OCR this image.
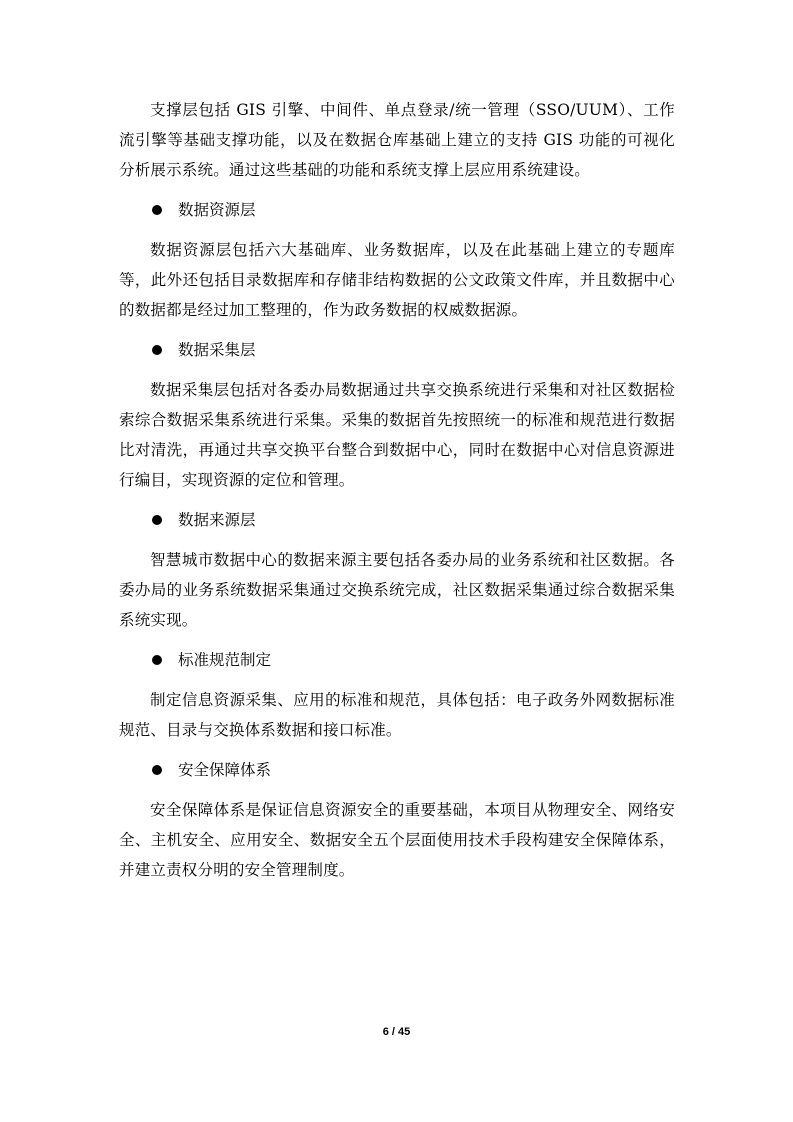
支撑层包括 GIS 引擎、中间件、单点登录/统一管理（SSO/UUM）、工作流引擎等基础支撑功能，以及在数据仓库基础上建立的支持 GIS 功能的可视化分析展示系统。通过这些基础的功能和系统支撑上层应用系统建设。

数据资源层

数据资源层包括六大基础库、业务数据库，以及在此基础上建立的专题库等，此外还包括目录数据库和存储非结构数据的公文政策文件库，并且数据中心的数据都是经过加工整理的，作为政务数据的权威数据源。

数据采集层

数据采集层包括对各委办局数据通过共享交换系统进行采集和对社区数据检索综合数据采集系统进行采集。采集的数据首先按照统一的标准和规范进行数据比对清洗，再通过共享交换平台整合到数据中心，同时在数据中心对信息资源进行编目，实现资源的定位和管理。

数据来源层

智慧城市数据中心的数据来源主要包括各委办局的业务系统和社区数据。各委办局的业务系统数据采集通过交换系统完成，社区数据采集通过综合数据采集系统实现。

标准规范制定

制定信息资源采集、应用的标准和规范，具体包括：电子政务外网数据标准规范、目录与交换体系数据和接口标准。

安全保障体系

安全保障体系是保证信息资源安全的重要基础，本项目从物理安全、网络安全、主机安全、应用安全、数据安全五个层面使用技术手段构建安全保障体系，并建立责权分明的安全管理制度。

6 / 45
